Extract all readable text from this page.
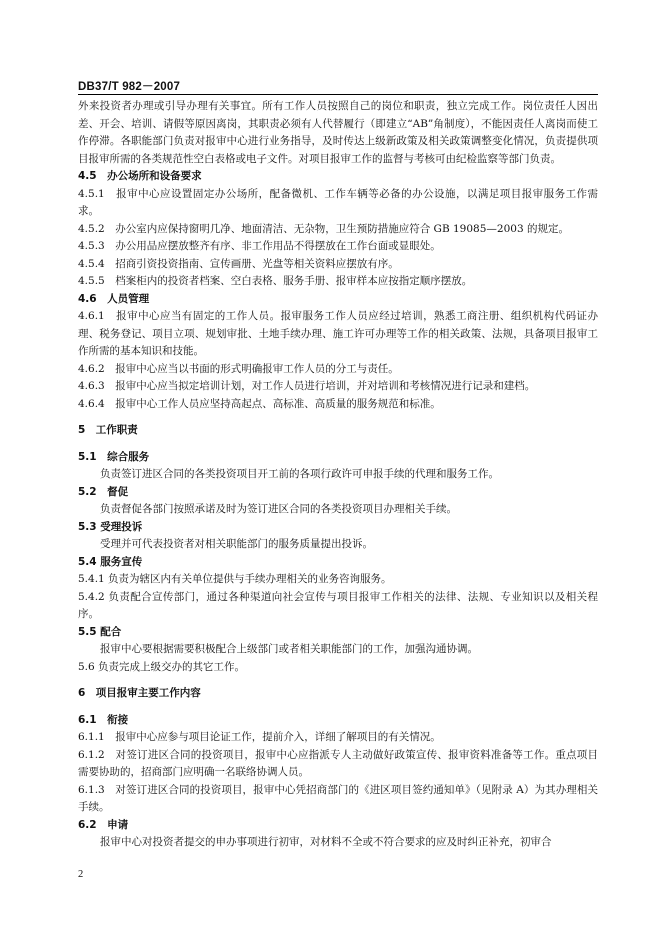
DB37/T 982－2007
外来投资者办理或引导办理有关事宜。所有工作人员按照自己的岗位和职责，独立完成工作。岗位责任人因出差、开会、培训、请假等原因离岗，其职责必须有人代替履行（即建立“AB”角制度），不能因责任人离岗而使工作停滞。各职能部门负责对报审中心进行业务指导，及时传达上级新政策及相关政策调整变化情况，负责提供项目报审所需的各类规范性空白表格或电子文件。对项目报审工作的监督与考核可由纪检监察等部门负责。
4.5　办公场所和设备要求
4.5.1　报审中心应设置固定办公场所，配备微机、工作车辆等必备的办公设施，以满足项目报审服务工作需求。
4.5.2　办公室内应保持窗明几净、地面清洁、无杂物，卫生预防措施应符合 GB 19085—2003 的规定。
4.5.3　办公用品应摆放整齐有序、非工作用品不得摆放在工作台面或显眼处。
4.5.4　招商引资投资指南、宣传画册、光盘等相关资料应摆放有序。
4.5.5　档案柜内的投资者档案、空白表格、服务手册、报审样本应按指定顺序摆放。
4.6　人员管理
4.6.1　报审中心应当有固定的工作人员。报审服务工作人员应经过培训，熟悉工商注册、组织机构代码证办理、税务登记、项目立项、规划审批、土地手续办理、施工许可办理等工作的相关政策、法规，具备项目报审工作所需的基本知识和技能。
4.6.2　报审中心应当以书面的形式明确报审工作人员的分工与责任。
4.6.3　报审中心应当拟定培训计划，对工作人员进行培训，并对培训和考核情况进行记录和建档。
4.6.4　报审中心工作人员应坚持高起点、高标准、高质量的服务规范和标准。
5　工作职责
5.1　综合服务
负责签订进区合同的各类投资项目开工前的各项行政许可申报手续的代理和服务工作。
5.2　督促
负责督促各部门按照承诺及时为签订进区合同的各类投资项目办理相关手续。
5.3 受理投诉
受理并可代表投资者对相关职能部门的服务质量提出投诉。
5.4 服务宣传
5.4.1 负责为辖区内有关单位提供与手续办理相关的业务咨询服务。
5.4.2 负责配合宣传部门，通过各种渠道向社会宣传与项目报审工作相关的法律、法规、专业知识以及相关程序。
5.5 配合
报审中心要根据需要积极配合上级部门或者相关职能部门的工作，加强沟通协调。
5.6 负责完成上级交办的其它工作。
6　项目报审主要工作内容
6.1　衔接
6.1.1　报审中心应参与项目论证工作，提前介入，详细了解项目的有关情况。
6.1.2　对签订进区合同的投资项目，报审中心应指派专人主动做好政策宣传、报审资料准备等工作。重点项目需要协助的，招商部门应明确一名联络协调人员。
6.1.3　对签订进区合同的投资项目，报审中心凭招商部门的《进区项目签约通知单》（见附录 A）为其办理相关手续。
6.2　申请
报审中心对投资者提交的申办事项进行初审，对材料不全或不符合要求的应及时纠正补充，初审合
2
